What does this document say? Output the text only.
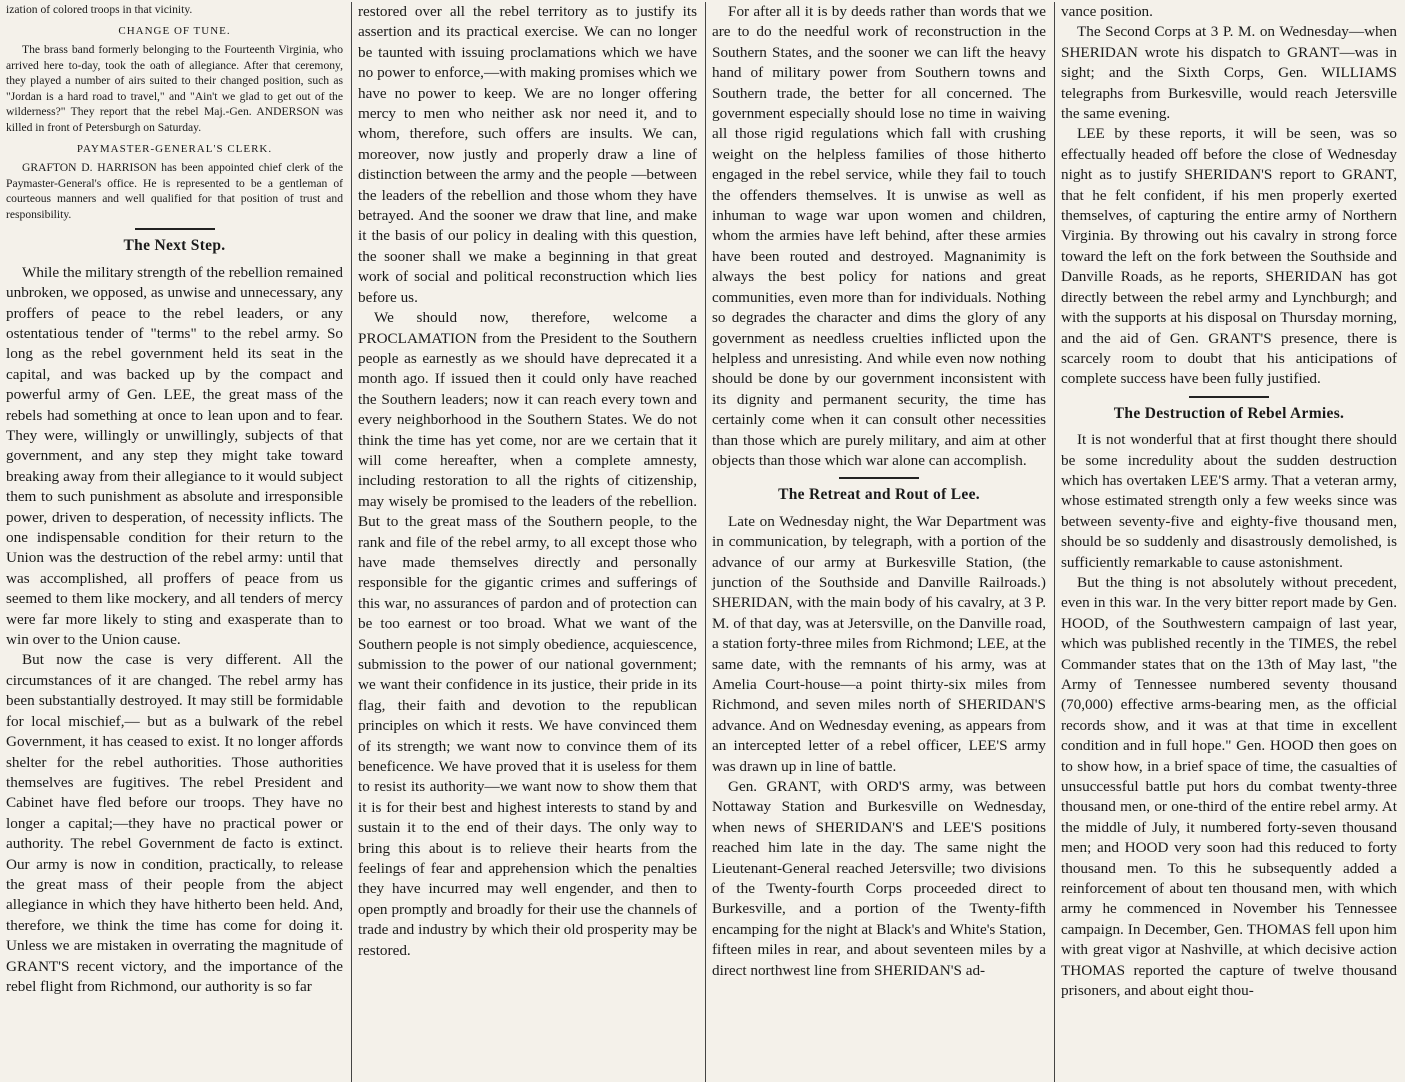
ization of colored troops in that vicinity.

CHANGE OF TUNE.

The brass band formerly belonging to the Fourteenth Virginia, who arrived here to-day, took the oath of allegiance. After that ceremony, they played a number of airs suited to their changed position, such as "Jordan is a hard road to travel," and "Ain't we glad to get out of the wilderness?" They report that the rebel Maj.-Gen. ANDERSON was killed in front of Petersburgh on Saturday.

PAYMASTER-GENERAL'S CLERK.

GRAFTON D. HARRISON has been appointed chief clerk of the Paymaster-General's office. He is represented to be a gentleman of courteous manners and well qualified for that position of trust and responsibility.

The Next Step.

While the military strength of the rebellion remained unbroken, we opposed, as unwise and unnecessary, any proffers of peace to the rebel leaders, or any ostentatious tender of "terms" to the rebel army. So long as the rebel government held its seat in the capital, and was backed up by the compact and powerful army of Gen. LEE, the great mass of the rebels had something at once to lean upon and to fear. They were, willingly or unwillingly, subjects of that government, and any step they might take toward breaking away from their allegiance to it would subject them to such punishment as absolute and irresponsible power, driven to desperation, of necessity inflicts. The one indispensable condition for their return to the Union was the destruction of the rebel army: until that was accomplished, all proffers of peace from us seemed to them like mockery, and all tenders of mercy were far more likely to sting and exasperate than to win over to the Union cause.

But now the case is very different. All the circumstances of it are changed. The rebel army has been substantially destroyed. It may still be formidable for local mischief,— but as a bulwark of the rebel Government, it has ceased to exist. It no longer affords shelter for the rebel authorities. Those authorities themselves are fugitives. The rebel President and Cabinet have fled before our troops. They have no longer a capital;—they have no practical power or authority. The rebel Government de facto is extinct. Our army is now in condition, practically, to release the great mass of their people from the abject allegiance in which they have hitherto been held. And, therefore, we think the time has come for doing it. Unless we are mistaken in overrating the magnitude of GRANT'S recent victory, and the importance of the rebel flight from Richmond, our authority is so far

restored over all the rebel territory as to justify its assertion and its practical exercise. We can no longer be taunted with issuing proclamations which we have no power to enforce,—with making promises which we have no power to keep. We are no longer offering mercy to men who neither ask nor need it, and to whom, therefore, such offers are insults. We can, moreover, now justly and properly draw a line of distinction between the army and the people —between the leaders of the rebellion and those whom they have betrayed. And the sooner we draw that line, and make it the basis of our policy in dealing with this question, the sooner shall we make a beginning in that great work of social and political reconstruction which lies before us.

We should now, therefore, welcome a PROCLAMATION from the President to the Southern people as earnestly as we should have deprecated it a month ago. If issued then it could only have reached the Southern leaders; now it can reach every town and every neighborhood in the Southern States. We do not think the time has yet come, nor are we certain that it will come hereafter, when a complete amnesty, including restoration to all the rights of citizenship, may wisely be promised to the leaders of the rebellion. But to the great mass of the Southern people, to the rank and file of the rebel army, to all except those who have made themselves directly and personally responsible for the gigantic crimes and sufferings of this war, no assurances of pardon and of protection can be too earnest or too broad. What we want of the Southern people is not simply obedience, acquiescence, submission to the power of our national government; we want their confidence in its justice, their pride in its flag, their faith and devotion to the republican principles on which it rests. We have convinced them of its strength; we want now to convince them of its beneficence. We have proved that it is useless for them to resist its authority—we want now to show them that it is for their best and highest interests to stand by and sustain it to the end of their days. The only way to bring this about is to relieve their hearts from the feelings of fear and apprehension which the penalties they have incurred may well engender, and then to open promptly and broadly for their use the channels of trade and industry by which their old prosperity may be restored.

For after all it is by deeds rather than words that we are to do the needful work of reconstruction in the Southern States, and the sooner we can lift the heavy hand of military power from Southern towns and Southern trade, the better for all concerned. The government especially should lose no time in waiving all those rigid regulations which fall with crushing weight on the helpless families of those hitherto engaged in the rebel service, while they fail to touch the offenders themselves. It is unwise as well as inhuman to wage war upon women and children, whom the armies have left behind, after these armies have been routed and destroyed. Magnanimity is always the best policy for nations and great communities, even more than for individuals. Nothing so degrades the character and dims the glory of any government as needless cruelties inflicted upon the helpless and unresisting. And while even now nothing should be done by our government inconsistent with its dignity and permanent security, the time has certainly come when it can consult other necessities than those which are purely military, and aim at other objects than those which war alone can accomplish.

The Retreat and Rout of Lee.

Late on Wednesday night, the War Department was in communication, by telegraph, with a portion of the advance of our army at Burkesville Station, (the junction of the Southside and Danville Railroads.) SHERIDAN, with the main body of his cavalry, at 3 P. M. of that day, was at Jetersville, on the Danville road, a station forty-three miles from Richmond; LEE, at the same date, with the remnants of his army, was at Amelia Court-house—a point thirty-six miles from Richmond, and seven miles north of SHERIDAN'S advance. And on Wednesday evening, as appears from an intercepted letter of a rebel officer, LEE'S army was drawn up in line of battle.

Gen. GRANT, with ORD'S army, was between Nottaway Station and Burkesville on Wednesday, when news of SHERIDAN'S and LEE'S positions reached him late in the day. The same night the Lieutenant-General reached Jetersville; two divisions of the Twenty-fourth Corps proceeded direct to Burkesville, and a portion of the Twenty-fifth encamping for the night at Black's and White's Station, fifteen miles in rear, and about seventeen miles by a direct northwest line from SHERIDAN'S ad-

vance position.

The Second Corps at 3 P. M. on Wednesday—when SHERIDAN wrote his dispatch to GRANT—was in sight; and the Sixth Corps, Gen. WILLIAMS telegraphs from Burkesville, would reach Jetersville the same evening.

LEE by these reports, it will be seen, was so effectually headed off before the close of Wednesday night as to justify SHERIDAN'S report to GRANT, that he felt confident, if his men properly exerted themselves, of capturing the entire army of Northern Virginia. By throwing out his cavalry in strong force toward the left on the fork between the Southside and Danville Roads, as he reports, SHERIDAN has got directly between the rebel army and Lynchburgh; and with the supports at his disposal on Thursday morning, and the aid of Gen. GRANT'S presence, there is scarcely room to doubt that his anticipations of complete success have been fully justified.

The Destruction of Rebel Armies.

It is not wonderful that at first thought there should be some incredulity about the sudden destruction which has overtaken LEE'S army. That a veteran army, whose estimated strength only a few weeks since was between seventy-five and eighty-five thousand men, should be so suddenly and disastrously demolished, is sufficiently remarkable to cause astonishment.

But the thing is not absolutely without precedent, even in this war. In the very bitter report made by Gen. HOOD, of the Southwestern campaign of last year, which was published recently in the TIMES, the rebel Commander states that on the 13th of May last, "the Army of Tennessee numbered seventy thousand (70,000) effective arms-bearing men, as the official records show, and it was at that time in excellent condition and in full hope." Gen. HOOD then goes on to show how, in a brief space of time, the casualties of unsuccessful battle put hors du combat twenty-three thousand men, or one-third of the entire rebel army. At the middle of July, it numbered forty-seven thousand men; and HOOD very soon had this reduced to forty thousand men. To this he subsequently added a reinforcement of about ten thousand men, with which army he commenced in November his Tennessee campaign. In December, Gen. THOMAS fell upon him with great vigor at Nashville, at which decisive action THOMAS reported the capture of twelve thousand prisoners, and about eight thou-
